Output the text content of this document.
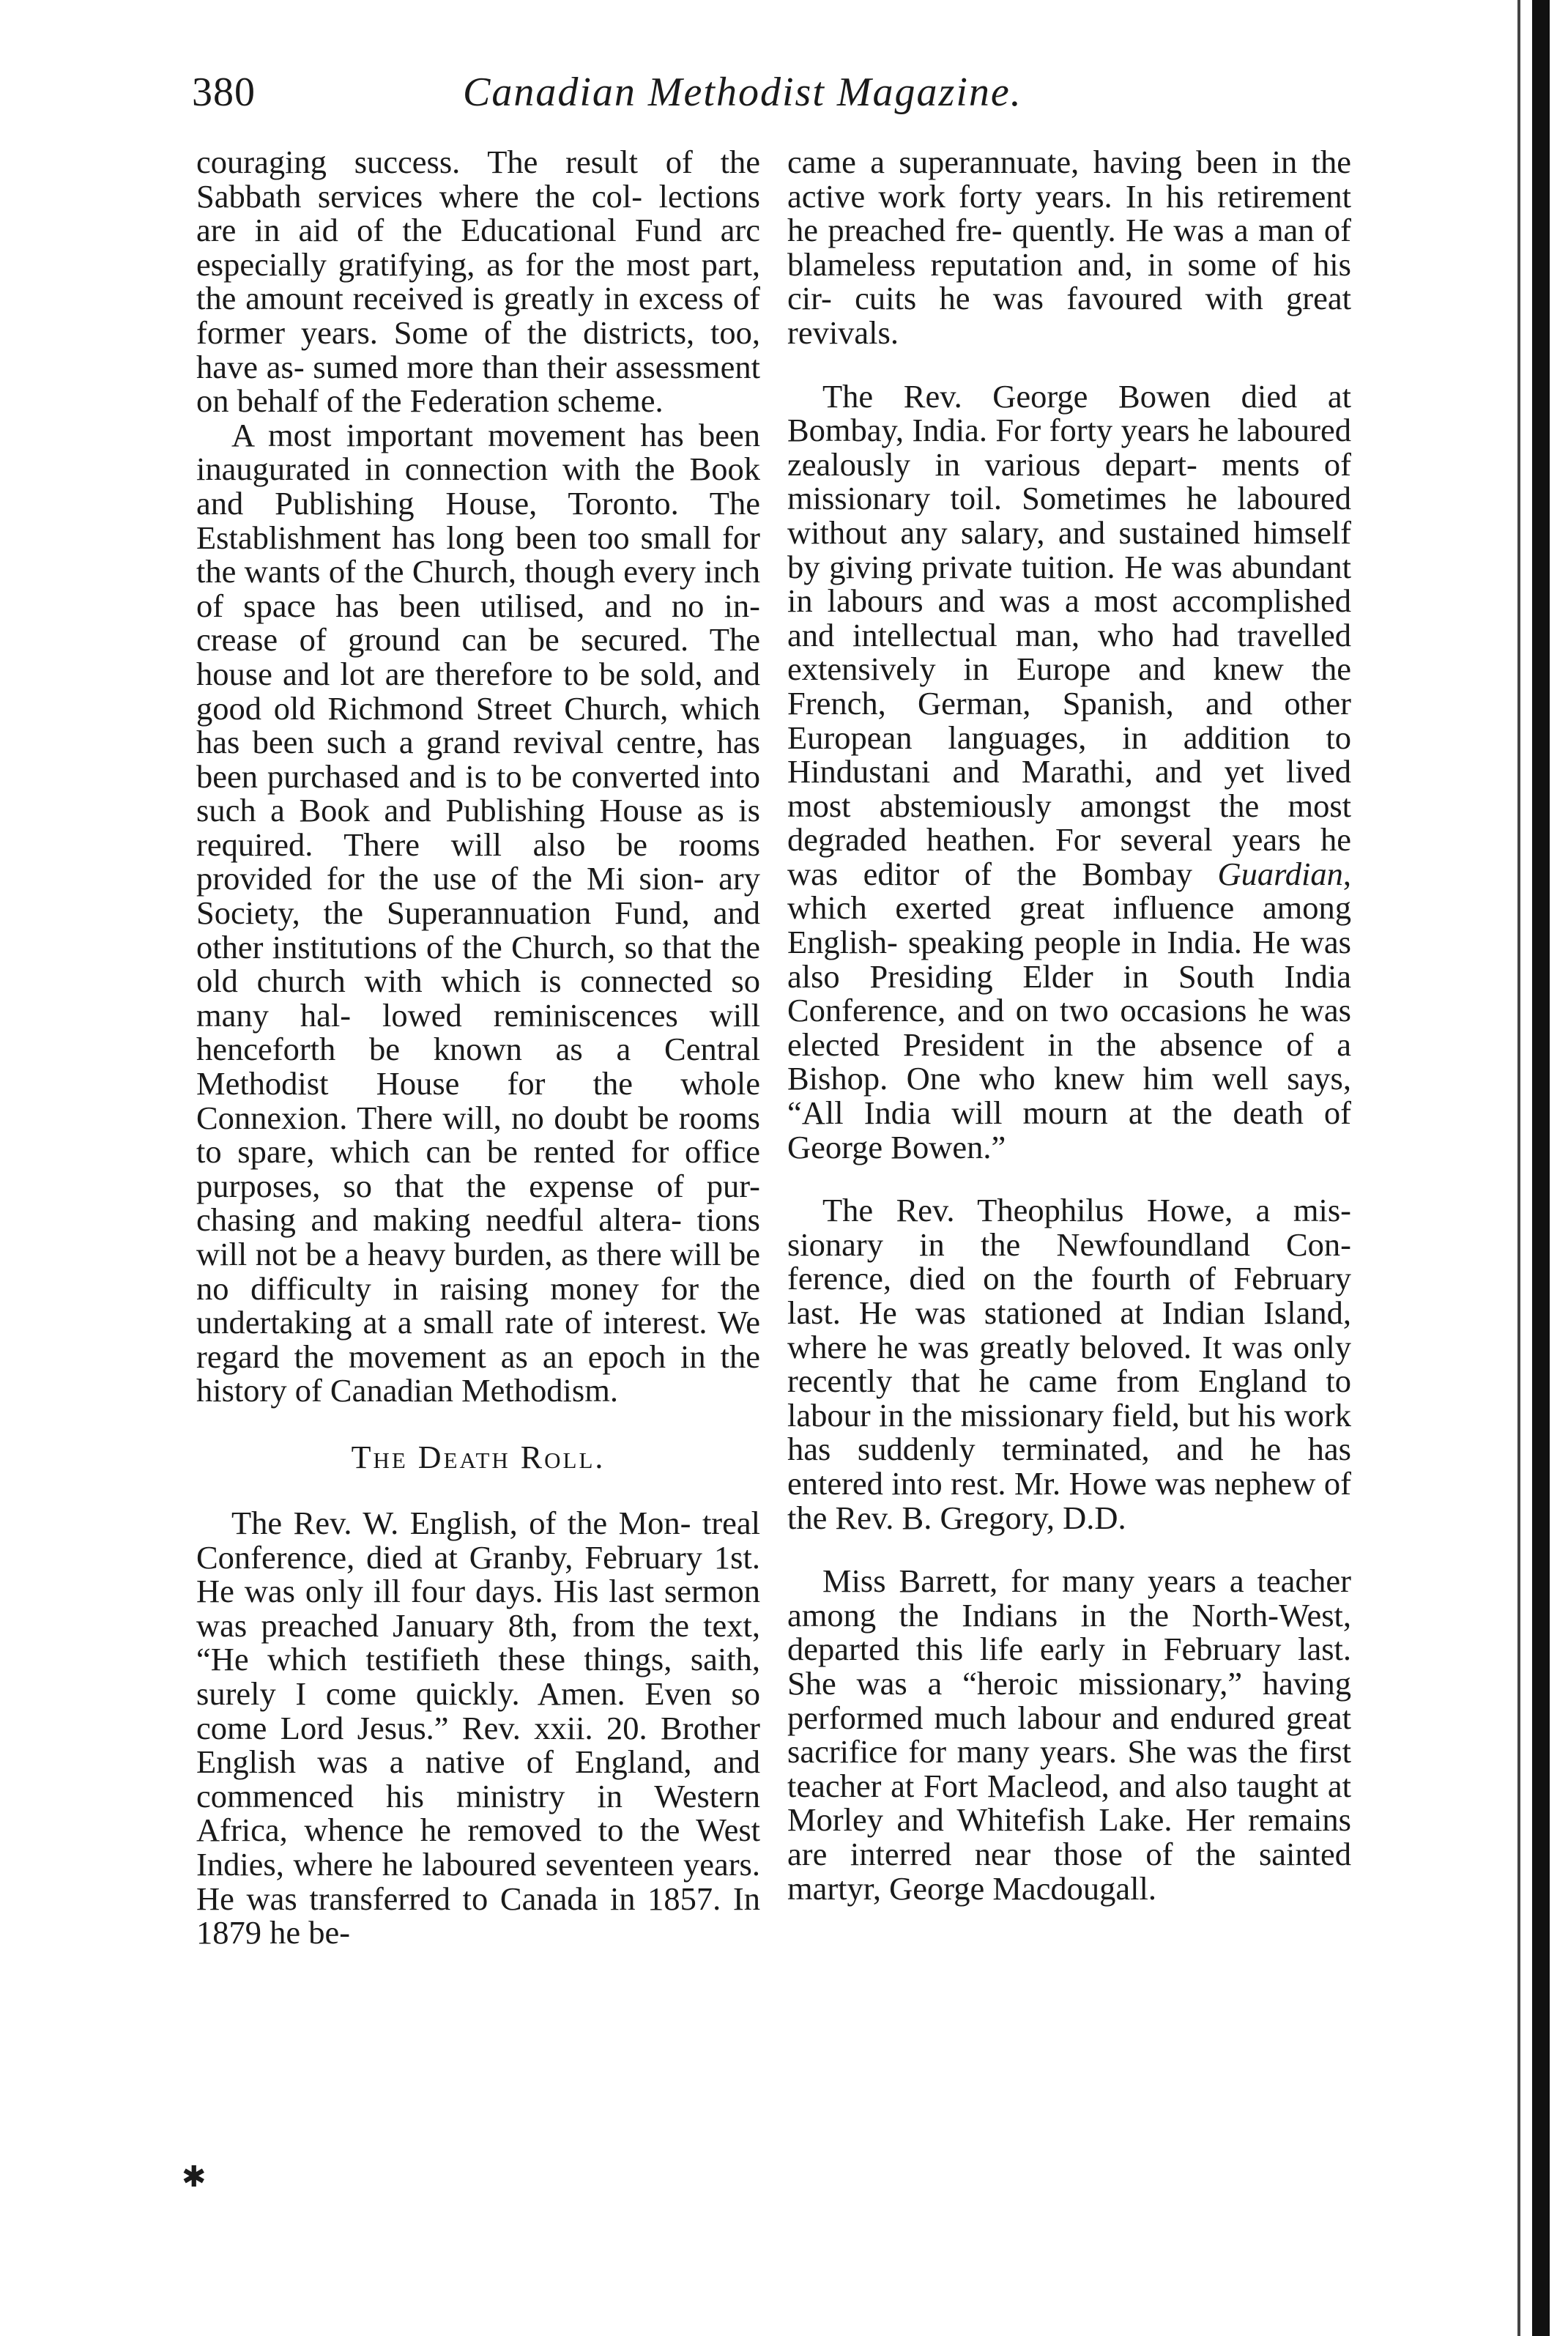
380	Canadian Methodist Magazine.

couraging success. The result of the Sabbath services where the col- lections are in aid of the Educational Fund arc especially gratifying, as for the most part, the amount received is greatly in excess of former years. Some of the districts, too, have as- sumed more than their assessment on behalf of the Federation scheme.

A most important movement has been inaugurated in connection with the Book and Publishing House, Toronto. The Establishment has long been too small for the wants of the Church, though every inch of space has been utilised, and no in- crease of ground can be secured. The house and lot are therefore to be sold, and good old Richmond Street Church, which has been such a grand revival centre, has been purchased and is to be converted into such a Book and Publishing House as is required. There will also be rooms provided for the use of the Mi sion- ary Society, the Superannuation Fund, and other institutions of the Church, so that the old church with which is connected so many hal- lowed reminiscences will henceforth be known as a Central Methodist House for the whole Connexion. There will, no doubt be rooms to spare, which can be rented for office purposes, so that the expense of pur- chasing and making needful altera- tions will not be a heavy burden, as there will be no difficulty in raising money for the undertaking at a small rate of interest. We regard the movement as an epoch in the history of Canadian Methodism.

The Death Roll.

The Rev. W. English, of the Mon- treal Conference, died at Granby, February 1st. He was only ill four days. His last sermon was preached January 8th, from the text, “He which testifieth these things, saith, surely I come quickly. Amen. Even so come Lord Jesus.” Rev. xxii. 20. Brother English was a native of England, and commenced his ministry in Western Africa, whence he removed to the West Indies, where he laboured seventeen years. He was transferred to Canada in 1857. In 1879 he be-

came a superannuate, having been in the active work forty years. In his retirement he preached fre- quently. He was a man of blameless reputation and, in some of his cir- cuits he was favoured with great revivals.

The Rev. George Bowen died at Bombay, India. For forty years he laboured zealously in various depart- ments of missionary toil. Sometimes he laboured without any salary, and sustained himself by giving private tuition. He was abundant in labours and was a most accomplished and intellectual man, who had travelled extensively in Europe and knew the French, German, Spanish, and other European languages, in addition to Hindustani and Marathi, and yet lived most abstemiously amongst the most degraded heathen. For several years he was editor of the Bombay Guardian, which exerted great influence among English- speaking people in India. He was also Presiding Elder in South India Conference, and on two occasions he was elected President in the absence of a Bishop. One who knew him well says, “All India will mourn at the death of George Bowen.”

The Rev. Theophilus Howe, a mis- sionary in the Newfoundland Con- ference, died on the fourth of February last. He was stationed at Indian Island, where he was greatly beloved. It was only recently that he came from England to labour in the missionary field, but his work has suddenly terminated, and he has entered into rest. Mr. Howe was nephew of the Rev. B. Gregory, D.D.

Miss Barrett, for many years a teacher among the Indians in the North-West, departed this life early in February last. She was a “heroic missionary,” having performed much labour and endured great sacrifice for many years. She was the first teacher at Fort Macleod, and also taught at Morley and Whitefish Lake. Her remains are interred near those of the sainted martyr, George Macdougall.

✱
